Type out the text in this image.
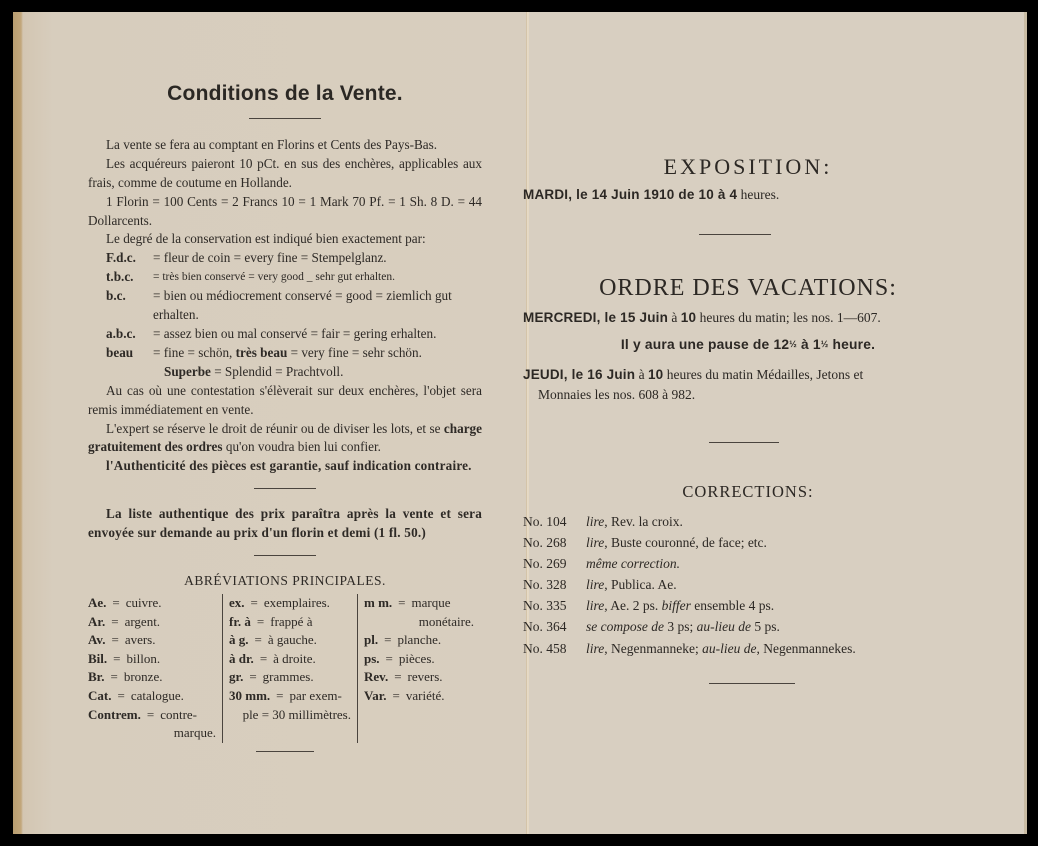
Conditions de la Vente.

La vente se fera au comptant en Florins et Cents des Pays-Bas.

Les acquéreurs paieront 10 pCt. en sus des enchères, applicables aux frais, comme de coutume en Hollande.

1 Florin = 100 Cents = 2 Francs 10 = 1 Mark 70 Pf. = 1 Sh. 8 D. = 44 Dollarcents.

Le degré de la conservation est indiqué bien exactement par:

F.d.c.	= fleur de coin = every fine = Stempelglanz.
t.b.c.	= très bien conservé = very good _ sehr gut erhalten.
b.c.	= bien ou médiocrement conservé = good = ziemlich gut erhalten.
a.b.c.	= assez bien ou mal conservé = fair = gering erhalten.
beau	= fine = schön, très beau = very fine = sehr schön.

Superbe = Splendid = Prachtvoll.

Au cas où une contestation s'élèverait sur deux enchères, l'objet sera remis immédiatement en vente.

L'expert se réserve le droit de réunir ou de diviser les lots, et se charge gratuitement des ordres qu'on voudra bien lui confier.

l'Authenticité des pièces est garantie, sauf indication contraire.

La liste authentique des prix paraîtra après la vente et sera envoyée sur demande au prix d'un florin et demi (1 fl. 50.)

ABRÉVIATIONS PRINCIPALES.
Ae. = cuivre.
Ar. = argent.
Av. = avers.
Bil. = billon.
Br. = bronze.
Cat. = catalogue.
Contrem. = contre-
marque.
ex. = exemplaires.
fr. à = frappé à
à g. = à gauche.
à dr. = à droite.
gr. = grammes.
30 mm. = par exem-
ple = 30 millimètres.
m m. = marque
monétaire.
pl. = planche.
ps. = pièces.
Rev. = revers.
Var. = variété.
EXPOSITION:
MARDI, le 14 Juin 1910 de 10 à 4 heures.
ORDRE DES VACATIONS:
MERCREDI, le 15 Juin à 10 heures du matin; les nos. 1—607.
Il y aura une pause de 12½ à 1½ heure.
JEUDI, le 16 Juin à 10 heures du matin Médailles, Jetons et
Monnaies les nos. 608 à 982.
CORRECTIONS:
No. 104	lire, Rev. la croix.
No. 268	lire, Buste couronné, de face; etc.
No. 269	même correction.
No. 328	lire, Publica. Ae.
No. 335	lire, Ae. 2 ps. biffer ensemble 4 ps.
No. 364	se compose de 3 ps; au-lieu de 5 ps.
No. 458	lire, Negenmanneke; au-lieu de, Negenmannekes.
